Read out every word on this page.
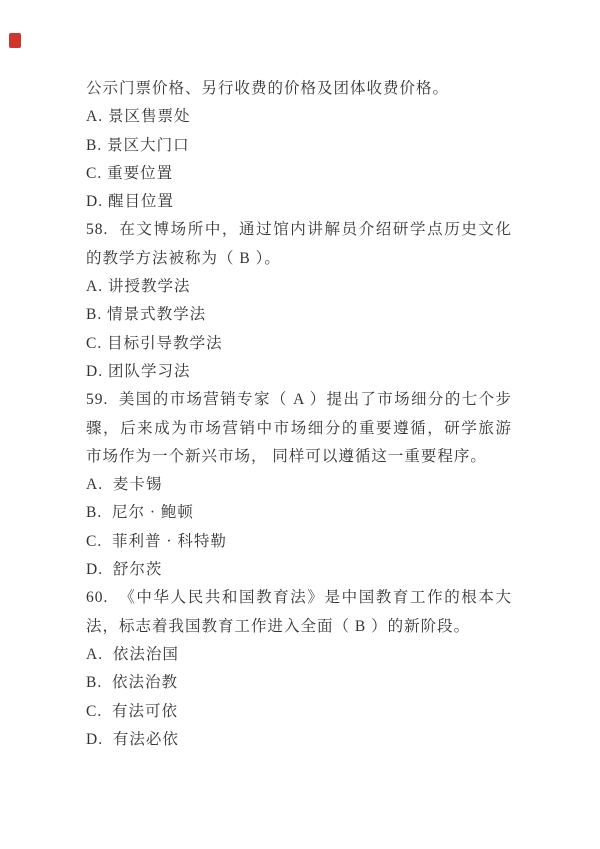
公示门票价格、另行收费的价格及团体收费价格。

A. 景区售票处

B. 景区大门口

C. 重要位置

D. 醒目位置

58.  在文博场所中，通过馆内讲解员介绍研学点历史文化的教学方法被称为（ B ）。

A. 讲授教学法

B. 情景式教学法

C. 目标引导教学法

D. 团队学习法

59.  美国的市场营销专家（ A ）提出了市场细分的七个步骤，后来成为市场营销中市场细分的重要遵循，研学旅游市场作为一个新兴市场， 同样可以遵循这一重要程序。

A.  麦卡锡

B.  尼尔 · 鲍顿

C.  菲利普 · 科特勒

D.  舒尔茨

60.  《中华人民共和国教育法》是中国教育工作的根本大法，标志着我国教育工作进入全面（ B ）的新阶段。

A.  依法治国

B.  依法治教

C.  有法可依

D.  有法必依
